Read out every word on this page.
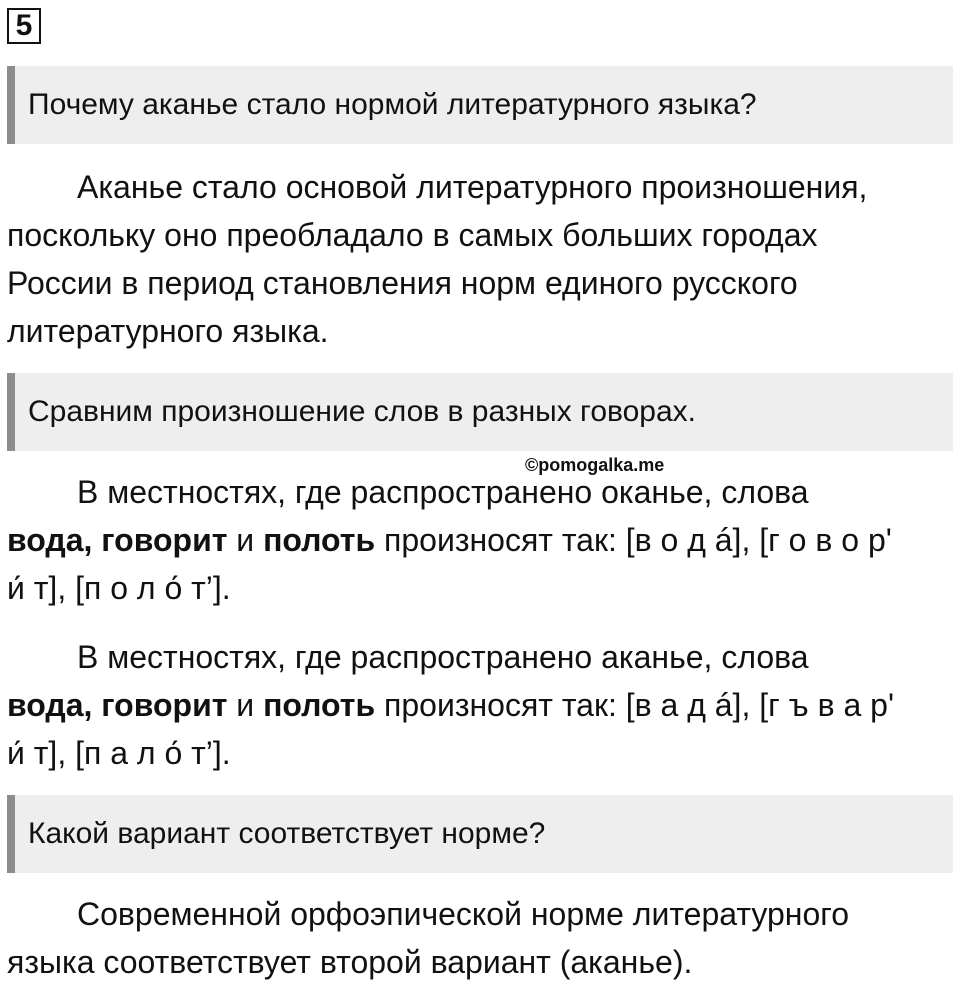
5
Почему аканье стало нормой литературного языка?
Аканье стало основой литературного произношения,
поскольку оно преобладало в самых больших городах
России в период становления норм единого русского
литературного языка.
Сравним произношение слов в разных говорах.
©pomogalka.me
В местностях, где распространено оканье, слова
вода, говорит и полоть произносят так: [в о д á], [г о в о р'
и́ т], [п о л о́ т’].
В местностях, где распространено аканье, слова
вода, говорит и полоть произносят так: [в а д á], [г ъ в а р'
и́ т], [п а л о́ т’].
Какой вариант соответствует норме?
Современной орфоэпической норме литературного
языка соответствует второй вариант (аканье).
